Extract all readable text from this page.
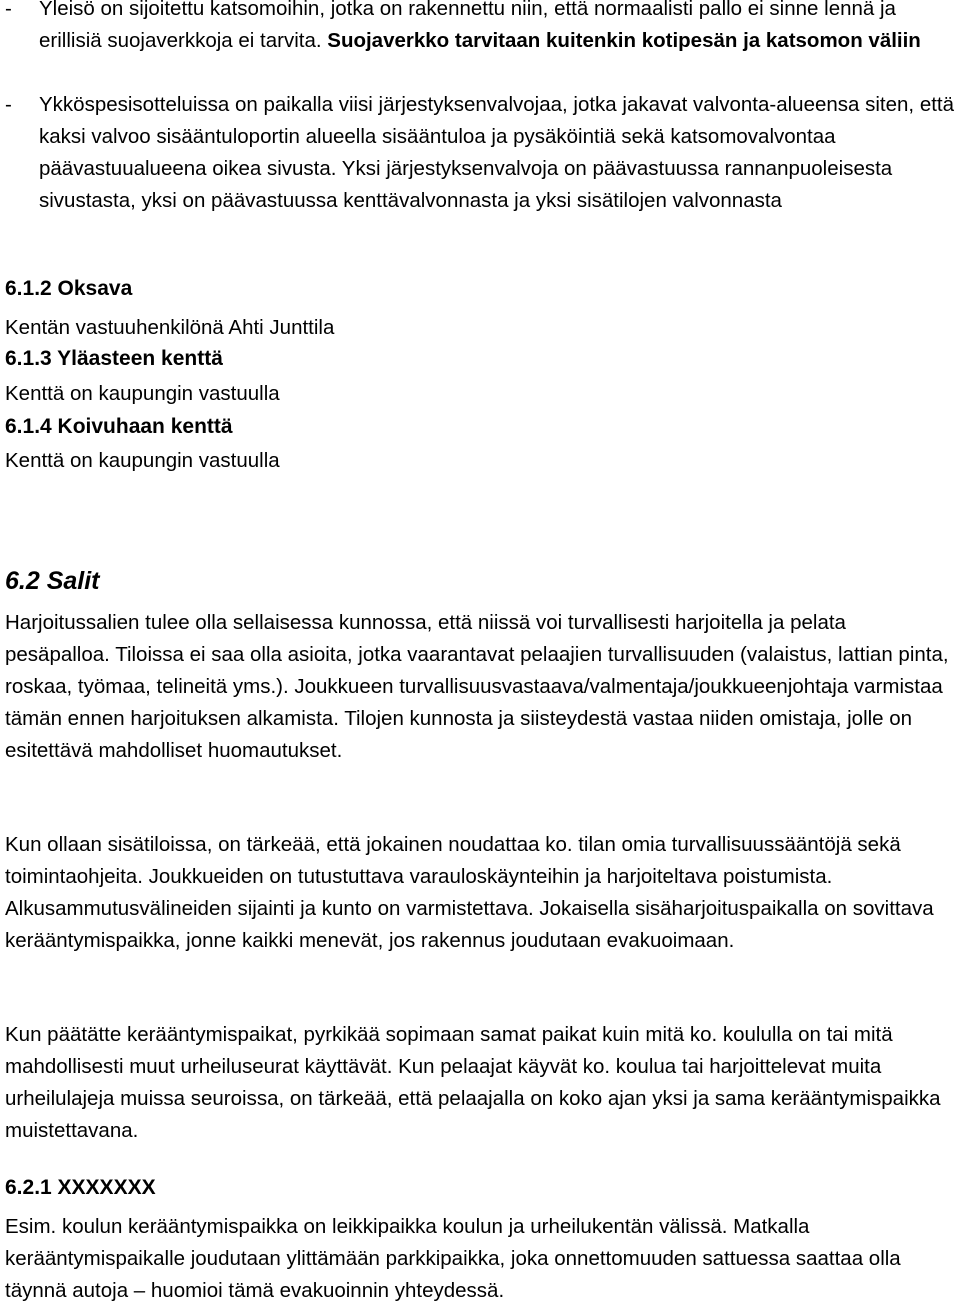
-	Yleisö on sijoitettu katsomoihin, jotka on rakennettu niin, että normaalisti pallo ei sinne lennä ja erillisiä suojaverkkoja ei tarvita. Suojaverkko tarvitaan kuitenkin kotipesän ja katsomon väliin
-	Ykköspesisotteluissa on paikalla viisi järjestyksenvalvojaa, jotka jakavat valvonta-alueensa siten, että kaksi valvoo sisääntuloportin alueella sisääntuloa ja pysäköintiä sekä katsomovalvontaa päävastuualueena oikea sivusta. Yksi järjestyksenvalvoja on päävastuussa rannanpuoleisesta sivustasta, yksi on päävastuussa kenttävalvonnasta ja yksi sisätilojen valvonnasta
6.1.2 Oksava
Kentän vastuuhenkilönä Ahti Junttila
6.1.3 Yläasteen kenttä
Kenttä on kaupungin vastuulla
6.1.4 Koivuhaan kenttä
Kenttä on kaupungin vastuulla
6.2 Salit

Harjoitussalien tulee olla sellaisessa kunnossa, että niissä voi turvallisesti harjoitella ja pelata pesäpalloa. Tiloissa ei saa olla asioita, jotka vaarantavat pelaajien turvallisuuden (valaistus, lattian pinta, roskaa, työmaa, telineitä yms.). Joukkueen turvallisuusvastaava/valmentaja/joukkueenjohtaja varmistaa tämän ennen harjoituksen alkamista. Tilojen kunnosta ja siisteydestä vastaa niiden omistaja, jolle on esitettävä mahdolliset huomautukset.

Kun ollaan sisätiloissa, on tärkeää, että jokainen noudattaa ko. tilan omia turvallisuussääntöjä sekä toimintaohjeita. Joukkueiden on tutustuttava varauloskäynteihin ja harjoiteltava poistumista. Alkusammutusvälineiden sijainti ja kunto on varmistettava. Jokaisella sisäharjoituspaikalla on sovittava kerääntymispaikka, jonne kaikki menevät, jos rakennus joudutaan evakuoimaan.

Kun päätätte kerääntymispaikat, pyrkikää sopimaan samat paikat kuin mitä ko. koululla on tai mitä mahdollisesti muut urheiluseurat käyttävät. Kun pelaajat käyvät ko. koulua tai harjoittelevat muita urheilulajeja muissa seuroissa, on tärkeää, että pelaajalla on koko ajan yksi ja sama kerääntymispaikka muistettavana.

6.2.1 XXXXXXX

Esim. koulun kerääntymispaikka on leikkipaikka koulun ja urheilukentän välissä. Matkalla kerääntymispaikalle joudutaan ylittämään parkkipaikka, joka onnettomuuden sattuessa saattaa olla täynnä autoja – huomioi tämä evakuoinnin yhteydessä.
